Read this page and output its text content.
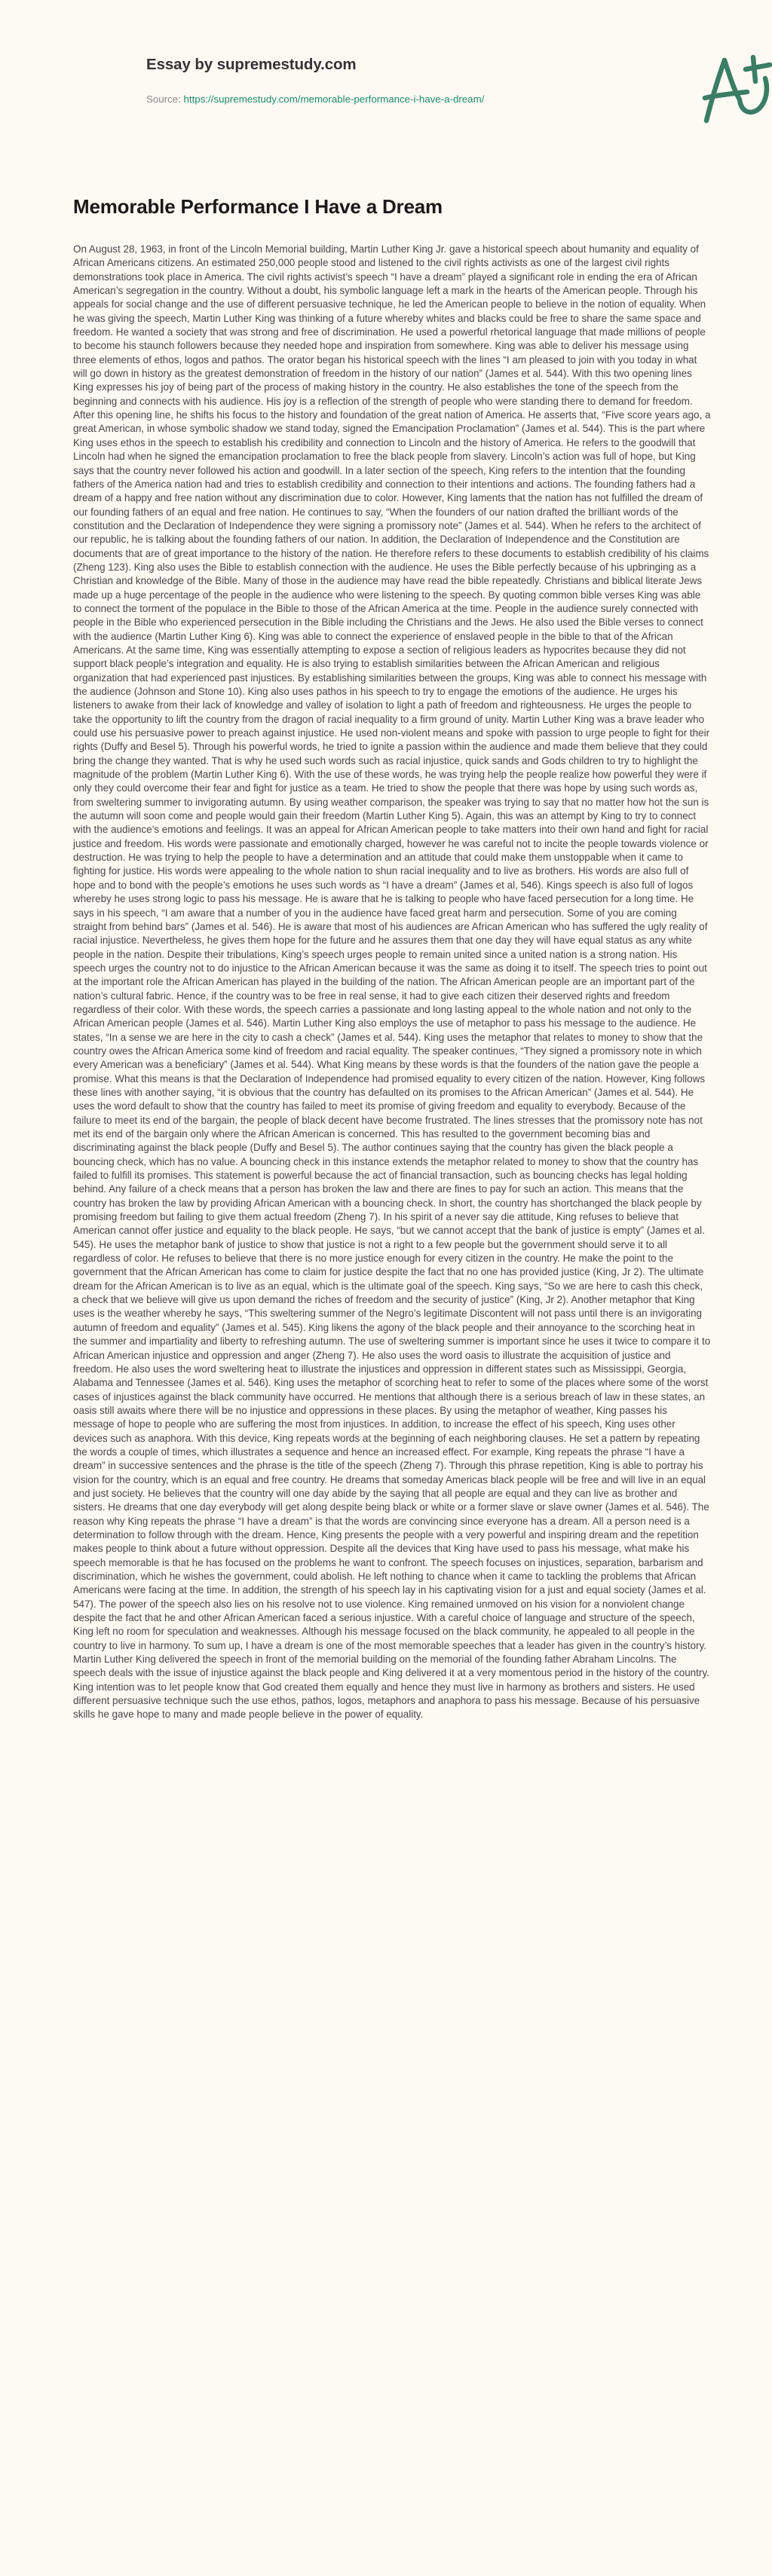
Essay by supremestudy.com
Source: https://supremestudy.com/memorable-performance-i-have-a-dream/
Memorable Performance I Have a Dream

On August 28, 1963, in front of the Lincoln Memorial building, Martin Luther King Jr. gave a historical speech about humanity and equality of African Americans citizens. An estimated 250,000 people stood and listened to the civil rights activists as one of the largest civil rights demonstrations took place in America. The civil rights activist’s speech “I have a dream” played a significant role in ending the era of African American’s segregation in the country. Without a doubt, his symbolic language left a mark in the hearts of the American people. Through his appeals for social change and the use of different persuasive technique, he led the American people to believe in the notion of equality. When he was giving the speech, Martin Luther King was thinking of a future whereby whites and blacks could be free to share the same space and freedom. He wanted a society that was strong and free of discrimination. He used a powerful rhetorical language that made millions of people to become his staunch followers because they needed hope and inspiration from somewhere. King was able to deliver his message using three elements of ethos, logos and pathos. The orator began his historical speech with the lines “I am pleased to join with you today in what will go down in history as the greatest demonstration of freedom in the history of our nation” (James et al. 544). With this two opening lines King expresses his joy of being part of the process of making history in the country. He also establishes the tone of the speech from the beginning and connects with his audience. His joy is a reflection of the strength of people who were standing there to demand for freedom. After this opening line, he shifts his focus to the history and foundation of the great nation of America. He asserts that, “Five score years ago, a great American, in whose symbolic shadow we stand today, signed the Emancipation Proclamation” (James et al. 544). This is the part where King uses ethos in the speech to establish his credibility and connection to Lincoln and the history of America. He refers to the goodwill that Lincoln had when he signed the emancipation proclamation to free the black people from slavery. Lincoln’s action was full of hope, but King says that the country never followed his action and goodwill. In a later section of the speech, King refers to the intention that the founding fathers of the America nation had and tries to establish credibility and connection to their intentions and actions. The founding fathers had a dream of a happy and free nation without any discrimination due to color. However, King laments that the nation has not fulfilled the dream of our founding fathers of an equal and free nation. He continues to say, “When the founders of our nation drafted the brilliant words of the constitution and the Declaration of Independence they were signing a promissory note” (James et al. 544). When he refers to the architect of our republic, he is talking about the founding fathers of our nation. In addition, the Declaration of Independence and the Constitution are documents that are of great importance to the history of the nation. He therefore refers to these documents to establish credibility of his claims (Zheng 123). King also uses the Bible to establish connection with the audience. He uses the Bible perfectly because of his upbringing as a Christian and knowledge of the Bible. Many of those in the audience may have read the bible repeatedly. Christians and biblical literate Jews made up a huge percentage of the people in the audience who were listening to the speech. By quoting common bible verses King was able to connect the torment of the populace in the Bible to those of the African America at the time. People in the audience surely connected with people in the Bible who experienced persecution in the Bible including the Christians and the Jews. He also used the Bible verses to connect with the audience (Martin Luther King 6). King was able to connect the experience of enslaved people in the bible to that of the African Americans. At the same time, King was essentially attempting to expose a section of religious leaders as hypocrites because they did not support black people’s integration and equality. He is also trying to establish similarities between the African American and religious organization that had experienced past injustices. By establishing similarities between the groups, King was able to connect his message with the audience (Johnson and Stone 10). King also uses pathos in his speech to try to engage the emotions of the audience. He urges his listeners to awake from their lack of knowledge and valley of isolation to light a path of freedom and righteousness. He urges the people to take the opportunity to lift the country from the dragon of racial inequality to a firm ground of unity. Martin Luther King was a brave leader who could use his persuasive power to preach against injustice. He used non-violent means and spoke with passion to urge people to fight for their rights (Duffy and Besel 5). Through his powerful words, he tried to ignite a passion within the audience and made them believe that they could bring the change they wanted. That is why he used such words such as racial injustice, quick sands and Gods children to try to highlight the magnitude of the problem (Martin Luther King 6). With the use of these words, he was trying help the people realize how powerful they were if only they could overcome their fear and fight for justice as a team. He tried to show the people that there was hope by using such words as, from sweltering summer to invigorating autumn. By using weather comparison, the speaker was trying to say that no matter how hot the sun is the autumn will soon come and people would gain their freedom (Martin Luther King 5). Again, this was an attempt by King to try to connect with the audience’s emotions and feelings. It was an appeal for African American people to take matters into their own hand and fight for racial justice and freedom. His words were passionate and emotionally charged, however he was careful not to incite the people towards violence or destruction. He was trying to help the people to have a determination and an attitude that could make them unstoppable when it came to fighting for justice. His words were appealing to the whole nation to shun racial inequality and to live as brothers. His words are also full of hope and to bond with the people’s emotions he uses such words as “I have a dream” (James et al, 546). Kings speech is also full of logos whereby he uses strong logic to pass his message. He is aware that he is talking to people who have faced persecution for a long time. He says in his speech, “I am aware that a number of you in the audience have faced great harm and persecution. Some of you are coming straight from behind bars” (James et al. 546). He is aware that most of his audiences are African American who has suffered the ugly reality of racial injustice. Nevertheless, he gives them hope for the future and he assures them that one day they will have equal status as any white people in the nation. Despite their tribulations, King’s speech urges people to remain united since a united nation is a strong nation. His speech urges the country not to do injustice to the African American because it was the same as doing it to itself. The speech tries to point out at the important role the African American has played in the building of the nation. The African American people are an important part of the nation’s cultural fabric. Hence, if the country was to be free in real sense, it had to give each citizen their deserved rights and freedom regardless of their color. With these words, the speech carries a passionate and long lasting appeal to the whole nation and not only to the African American people (James et al. 546). Martin Luther King also employs the use of metaphor to pass his message to the audience. He states, “In a sense we are here in the city to cash a check” (James et al. 544). King uses the metaphor that relates to money to show that the country owes the African America some kind of freedom and racial equality. The speaker continues, “They signed a promissory note in which every American was a beneficiary” (James et al. 544). What King means by these words is that the founders of the nation gave the people a promise. What this means is that the Declaration of Independence had promised equality to every citizen of the nation. However, King follows these lines with another saying, “it is obvious that the country has defaulted on its promises to the African American” (James et al. 544). He uses the word default to show that the country has failed to meet its promise of giving freedom and equality to everybody. Because of the failure to meet its end of the bargain, the people of black decent have become frustrated. The lines stresses that the promissory note has not met its end of the bargain only where the African American is concerned. This has resulted to the government becoming bias and discriminating against the black people (Duffy and Besel 5). The author continues saying that the country has given the black people a bouncing check, which has no value. A bouncing check in this instance extends the metaphor related to money to show that the country has failed to fulfill its promises. This statement is powerful because the act of financial transaction, such as bouncing checks has legal holding behind. Any failure of a check means that a person has broken the law and there are fines to pay for such an action. This means that the country has broken the law by providing African American with a bouncing check. In short, the country has shortchanged the black people by promising freedom but failing to give them actual freedom (Zheng 7). In his spirit of a never say die attitude, King refuses to believe that American cannot offer justice and equality to the black people. He says, “but we cannot accept that the bank of justice is empty” (James et al. 545). He uses the metaphor bank of justice to show that justice is not a right to a few people but the government should serve it to all regardless of color. He refuses to believe that there is no more justice enough for every citizen in the country. He make the point to the government that the African American has come to claim for justice despite the fact that no one has provided justice (King, Jr 2). The ultimate dream for the African American is to live as an equal, which is the ultimate goal of the speech. King says, “So we are here to cash this check, a check that we believe will give us upon demand the riches of freedom and the security of justice” (King, Jr 2). Another metaphor that King uses is the weather whereby he says, “This sweltering summer of the Negro’s legitimate Discontent will not pass until there is an invigorating autumn of freedom and equality” (James et al. 545). King likens the agony of the black people and their annoyance to the scorching heat in the summer and impartiality and liberty to refreshing autumn. The use of sweltering summer is important since he uses it twice to compare it to African American injustice and oppression and anger (Zheng 7). He also uses the word oasis to illustrate the acquisition of justice and freedom. He also uses the word sweltering heat to illustrate the injustices and oppression in different states such as Mississippi, Georgia, Alabama and Tennessee (James et al. 546). King uses the metaphor of scorching heat to refer to some of the places where some of the worst cases of injustices against the black community have occurred. He mentions that although there is a serious breach of law in these states, an oasis still awaits where there will be no injustice and oppressions in these places. By using the metaphor of weather, King passes his message of hope to people who are suffering the most from injustices. In addition, to increase the effect of his speech, King uses other devices such as anaphora. With this device, King repeats words at the beginning of each neighboring clauses. He set a pattern by repeating the words a couple of times, which illustrates a sequence and hence an increased effect. For example, King repeats the phrase “I have a dream” in successive sentences and the phrase is the title of the speech (Zheng 7). Through this phrase repetition, King is able to portray his vision for the country, which is an equal and free country. He dreams that someday Americas black people will be free and will live in an equal and just society. He believes that the country will one day abide by the saying that all people are equal and they can live as brother and sisters. He dreams that one day everybody will get along despite being black or white or a former slave or slave owner (James et al. 546). The reason why King repeats the phrase “I have a dream” is that the words are convincing since everyone has a dream. All a person need is a determination to follow through with the dream. Hence, King presents the people with a very powerful and inspiring dream and the repetition makes people to think about a future without oppression. Despite all the devices that King have used to pass his message, what make his speech memorable is that he has focused on the problems he want to confront. The speech focuses on injustices, separation, barbarism and discrimination, which he wishes the government, could abolish. He left nothing to chance when it came to tackling the problems that African Americans were facing at the time. In addition, the strength of his speech lay in his captivating vision for a just and equal society (James et al. 547). The power of the speech also lies on his resolve not to use violence. King remained unmoved on his vision for a nonviolent change despite the fact that he and other African American faced a serious injustice. With a careful choice of language and structure of the speech, King left no room for speculation and weaknesses. Although his message focused on the black community, he appealed to all people in the country to live in harmony. To sum up, I have a dream is one of the most memorable speeches that a leader has given in the country’s history. Martin Luther King delivered the speech in front of the memorial building on the memorial of the founding father Abraham Lincolns. The speech deals with the issue of injustice against the black people and King delivered it at a very momentous period in the history of the country. King intention was to let people know that God created them equally and hence they must live in harmony as brothers and sisters. He used different persuasive technique such the use ethos, pathos, logos, metaphors and anaphora to pass his message. Because of his persuasive skills he gave hope to many and made people believe in the power of equality.
